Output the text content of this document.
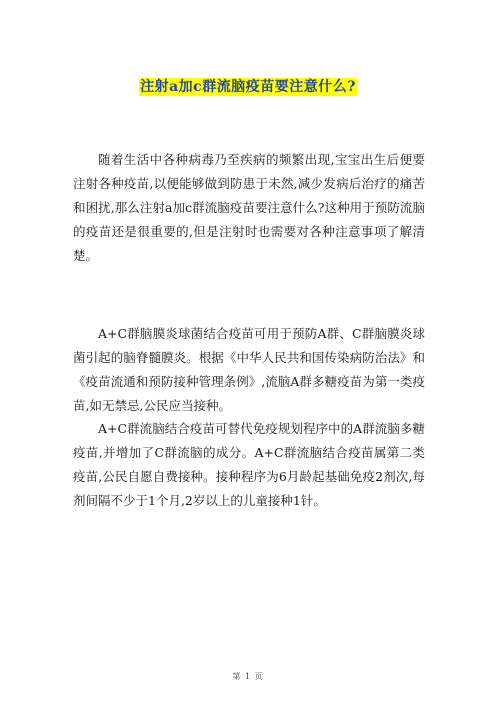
注射a加c群流脑疫苗要注意什么?

随着生活中各种病毒乃至疾病的频繁出现,宝宝出生后便要注射各种疫苗,以便能够做到防患于未然,减少发病后治疗的痛苦和困扰,那么注射a加c群流脑疫苗要注意什么?这种用于预防流脑的疫苗还是很重要的,但是注射时也需要对各种注意事项了解清楚。

A+C群脑膜炎球菌结合疫苗可用于预防A群、C群脑膜炎球菌引起的脑脊髓膜炎。根据《中华人民共和国传染病防治法》和《疫苗流通和预防接种管理条例》,流脑A群多糖疫苗为第一类疫苗,如无禁忌,公民应当接种。

A+C群流脑结合疫苗可替代免疫规划程序中的A群流脑多糖疫苗,并增加了C群流脑的成分。A+C群流脑结合疫苗属第二类疫苗,公民自愿自费接种。接种程序为6月龄起基础免疫2剂次,每剂间隔不少于1个月,2岁以上的儿童接种1针。

第 1 页
